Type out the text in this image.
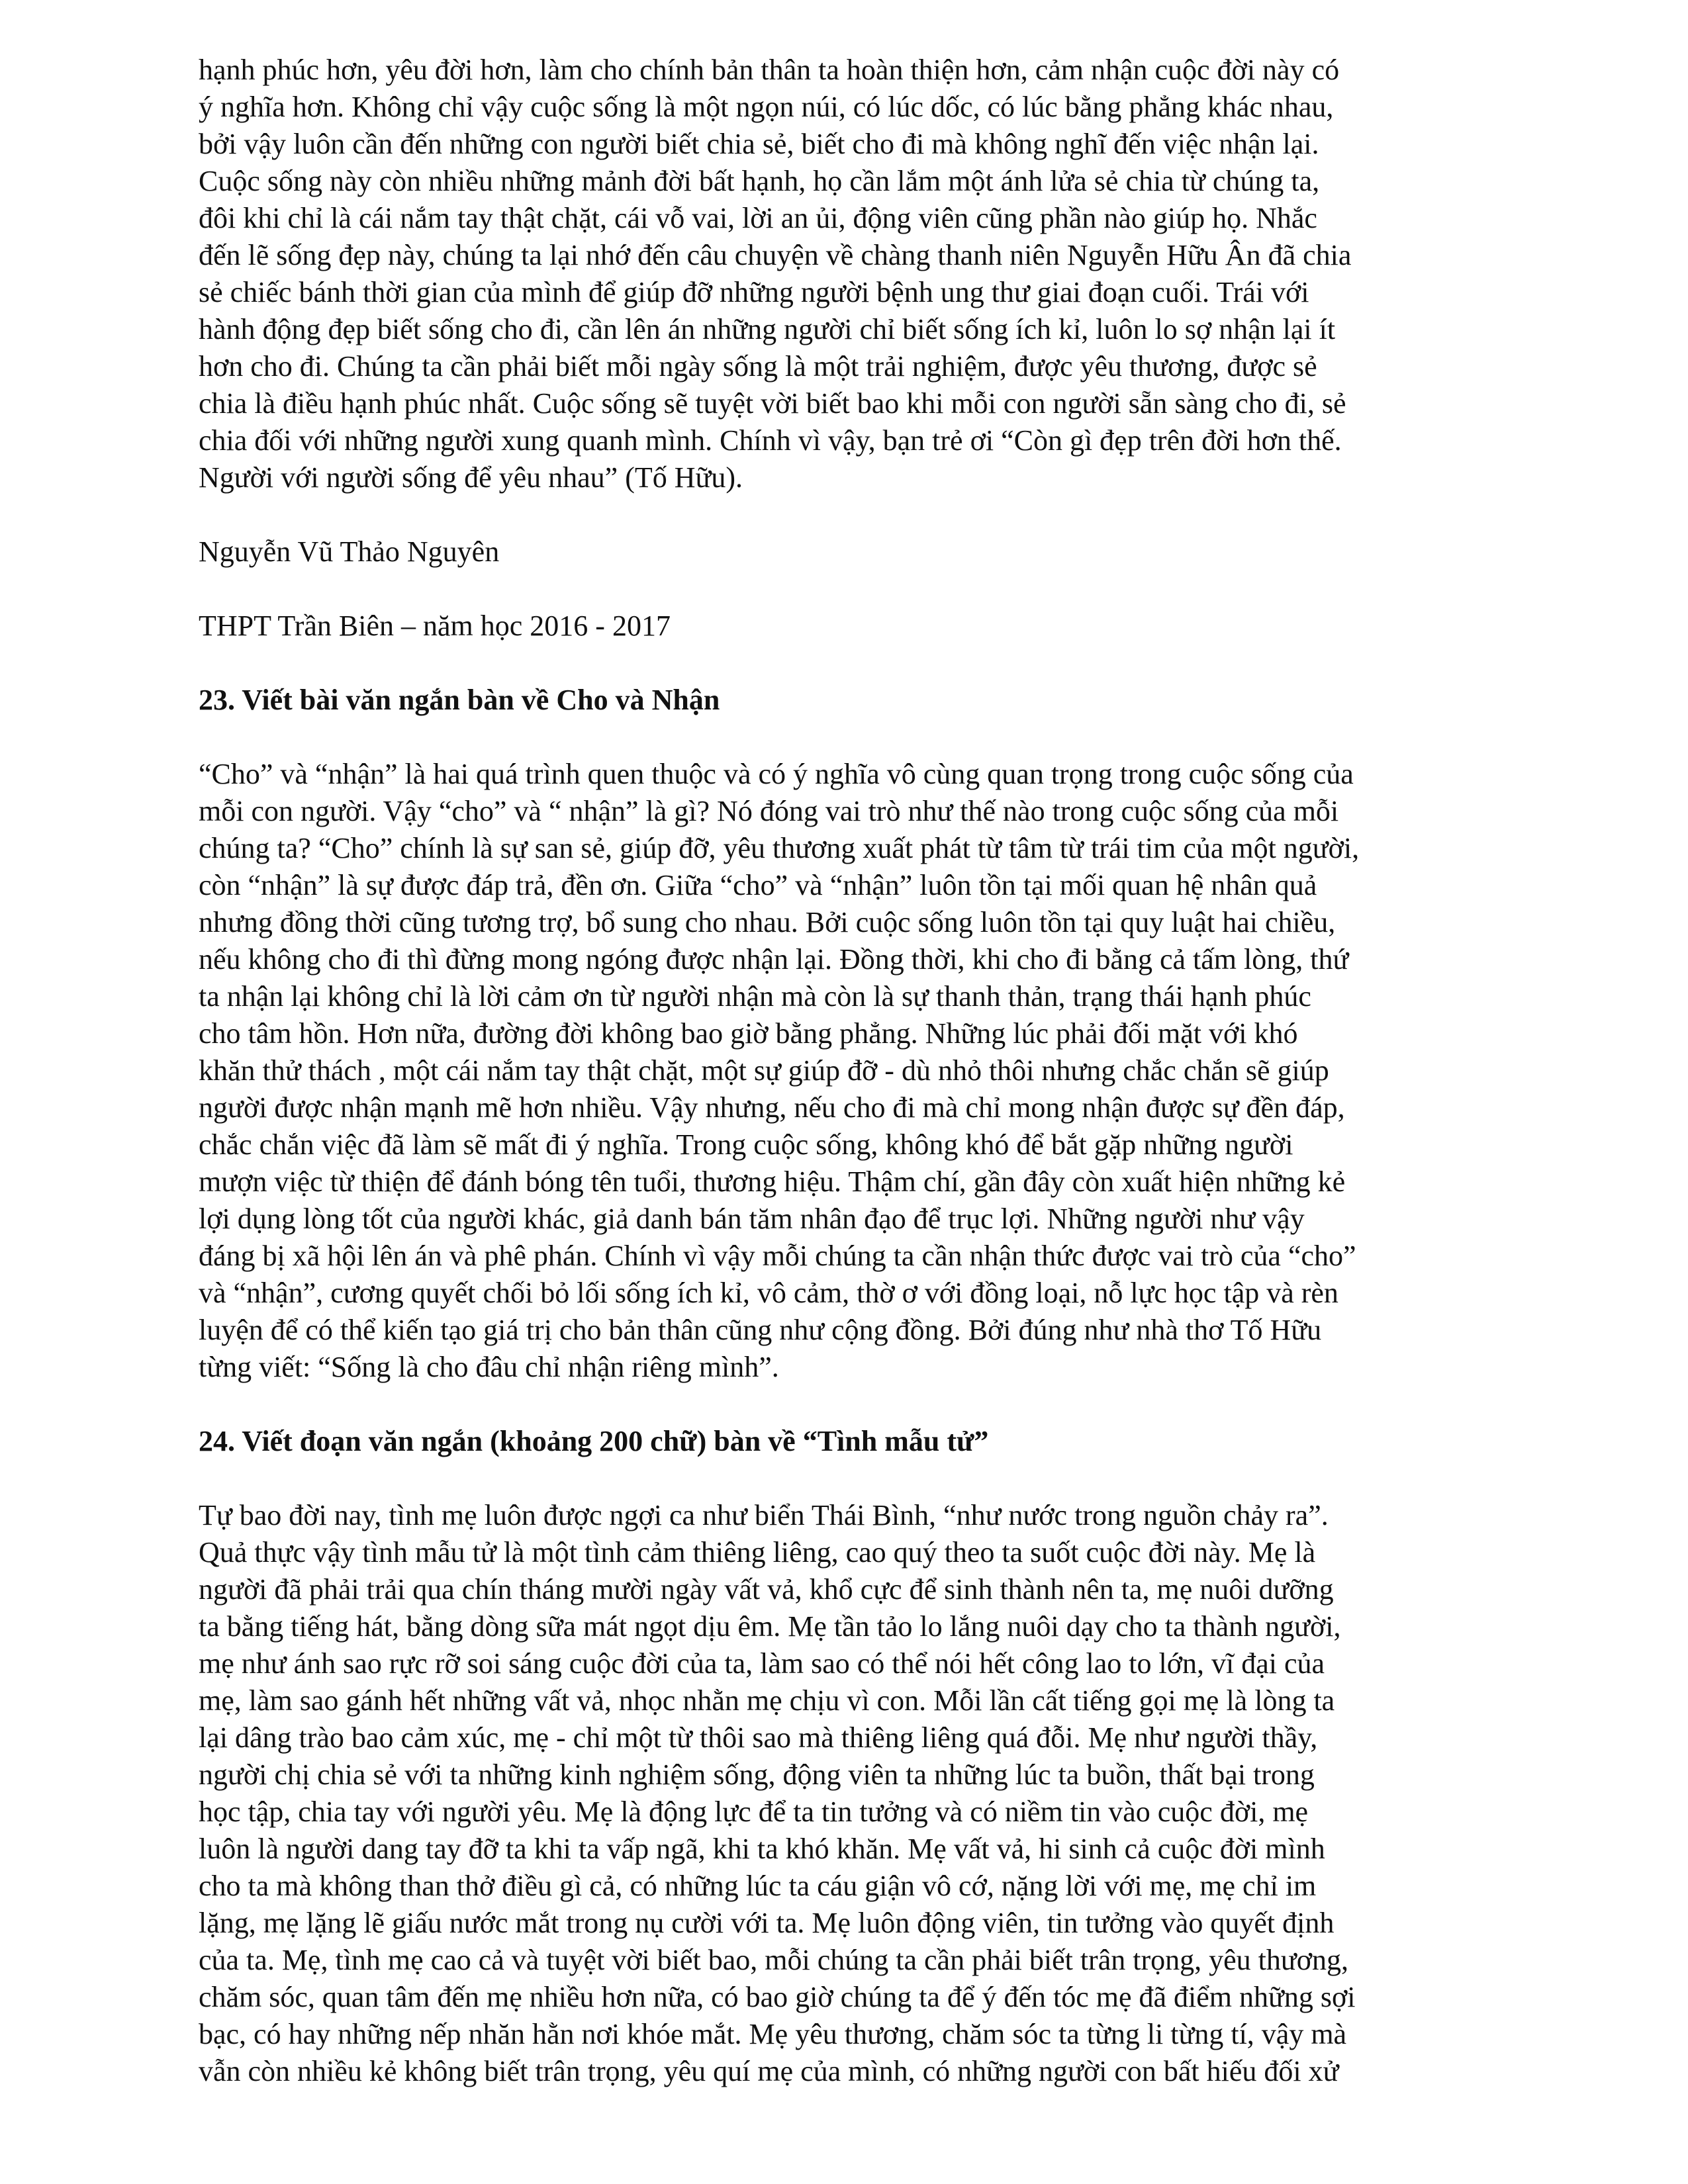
hạnh phúc hơn, yêu đời hơn, làm cho chính bản thân ta hoàn thiện hơn, cảm nhận cuộc đời này có
ý nghĩa hơn. Không chỉ vậy cuộc sống là một ngọn núi, có lúc dốc, có lúc bằng phẳng khác nhau,
bởi vậy luôn cần đến những con người biết chia sẻ, biết cho đi mà không nghĩ đến việc nhận lại.
Cuộc sống này còn nhiều những mảnh đời bất hạnh, họ cần lắm một ánh lửa sẻ chia từ chúng ta,
đôi khi chỉ là cái nắm tay thật chặt, cái vỗ vai, lời an ủi, động viên cũng phần nào giúp họ. Nhắc
đến lẽ sống đẹp này, chúng ta lại nhớ đến câu chuyện về chàng thanh niên Nguyễn Hữu Ân đã chia
sẻ chiếc bánh thời gian của mình để giúp đỡ những người bệnh ung thư giai đoạn cuối. Trái với
hành động đẹp biết sống cho đi, cần lên án những người chỉ biết sống ích kỉ, luôn lo sợ nhận lại ít
hơn cho đi. Chúng ta cần phải biết mỗi ngày sống là một trải nghiệm, được yêu thương, được sẻ
chia là điều hạnh phúc nhất. Cuộc sống sẽ tuyệt vời biết bao khi mỗi con người sẵn sàng cho đi, sẻ
chia đối với những người xung quanh mình. Chính vì vậy, bạn trẻ ơi “Còn gì đẹp trên đời hơn thế.
Người với người sống để yêu nhau” (Tố Hữu).

Nguyễn Vũ Thảo Nguyên

THPT Trần Biên – năm học 2016 - 2017

23. Viết bài văn ngắn bàn về Cho và Nhận

“Cho” và “nhận” là hai quá trình quen thuộc và có ý nghĩa vô cùng quan trọng trong cuộc sống của
mỗi con người. Vậy “cho” và “ nhận” là gì? Nó đóng vai trò như thế nào trong cuộc sống của mỗi
chúng ta? “Cho” chính là sự san sẻ, giúp đỡ, yêu thương xuất phát từ tâm từ trái tim của một người,
còn “nhận” là sự được đáp trả, đền ơn. Giữa “cho” và “nhận” luôn tồn tại mối quan hệ nhân quả
nhưng đồng thời cũng tương trợ, bổ sung cho nhau. Bởi cuộc sống luôn tồn tại quy luật hai chiều,
nếu không cho đi thì đừng mong ngóng được nhận lại. Đồng thời, khi cho đi bằng cả tấm lòng, thứ
ta nhận lại không chỉ là lời cảm ơn từ người nhận mà còn là sự thanh thản, trạng thái hạnh phúc
cho tâm hồn. Hơn nữa, đường đời không bao giờ bằng phẳng. Những lúc phải đối mặt với khó
khăn thử thách , một cái nắm tay thật chặt, một sự giúp đỡ - dù nhỏ thôi nhưng chắc chắn sẽ giúp
người được nhận mạnh mẽ hơn nhiều. Vậy nhưng, nếu cho đi mà chỉ mong nhận được sự đền đáp,
chắc chắn việc đã làm sẽ mất đi ý nghĩa. Trong cuộc sống, không khó để bắt gặp những người
mượn việc từ thiện để đánh bóng tên tuổi, thương hiệu. Thậm chí, gần đây còn xuất hiện những kẻ
lợi dụng lòng tốt của người khác, giả danh bán tăm nhân đạo để trục lợi. Những người như vậy
đáng bị xã hội lên án và phê phán. Chính vì vậy mỗi chúng ta cần nhận thức được vai trò của “cho”
và “nhận”, cương quyết chối bỏ lối sống ích kỉ, vô cảm, thờ ơ với đồng loại, nỗ lực học tập và rèn
luyện để có thể kiến tạo giá trị cho bản thân cũng như cộng đồng. Bởi đúng như nhà thơ Tố Hữu
từng viết: “Sống là cho đâu chỉ nhận riêng mình”.

24. Viết đoạn văn ngắn (khoảng 200 chữ) bàn về “Tình mẫu tử”

Tự bao đời nay, tình mẹ luôn được ngợi ca như biển Thái Bình, “như nước trong nguồn chảy ra”.
Quả thực vậy tình mẫu tử là một tình cảm thiêng liêng, cao quý theo ta suốt cuộc đời này. Mẹ là
người đã phải trải qua chín tháng mười ngày vất vả, khổ cực để sinh thành nên ta, mẹ nuôi dưỡng
ta bằng tiếng hát, bằng dòng sữa mát ngọt dịu êm. Mẹ tần tảo lo lắng nuôi dạy cho ta thành người,
mẹ như ánh sao rực rỡ soi sáng cuộc đời của ta, làm sao có thể nói hết công lao to lớn, vĩ đại của
mẹ, làm sao gánh hết những vất vả, nhọc nhằn mẹ chịu vì con. Mỗi lần cất tiếng gọi mẹ là lòng ta
lại dâng trào bao cảm xúc, mẹ - chỉ một từ thôi sao mà thiêng liêng quá đỗi. Mẹ như người thầy,
người chị chia sẻ với ta những kinh nghiệm sống, động viên ta những lúc ta buồn, thất bại trong
học tập, chia tay với người yêu. Mẹ là động lực để ta tin tưởng và có niềm tin vào cuộc đời, mẹ
luôn là người dang tay đỡ ta khi ta vấp ngã, khi ta khó khăn. Mẹ vất vả, hi sinh cả cuộc đời mình
cho ta mà không than thở điều gì cả, có những lúc ta cáu giận vô cớ, nặng lời với mẹ, mẹ chỉ im
lặng, mẹ lặng lẽ giấu nước mắt trong nụ cười với ta. Mẹ luôn động viên, tin tưởng vào quyết định
của ta. Mẹ, tình mẹ cao cả và tuyệt vời biết bao, mỗi chúng ta cần phải biết trân trọng, yêu thương,
chăm sóc, quan tâm đến mẹ nhiều hơn nữa, có bao giờ chúng ta để ý đến tóc mẹ đã điểm những sợi
bạc, có hay những nếp nhăn hằn nơi khóe mắt. Mẹ yêu thương, chăm sóc ta từng li từng tí, vậy mà
vẫn còn nhiều kẻ không biết trân trọng, yêu quí mẹ của mình, có những người con bất hiếu đối xử
